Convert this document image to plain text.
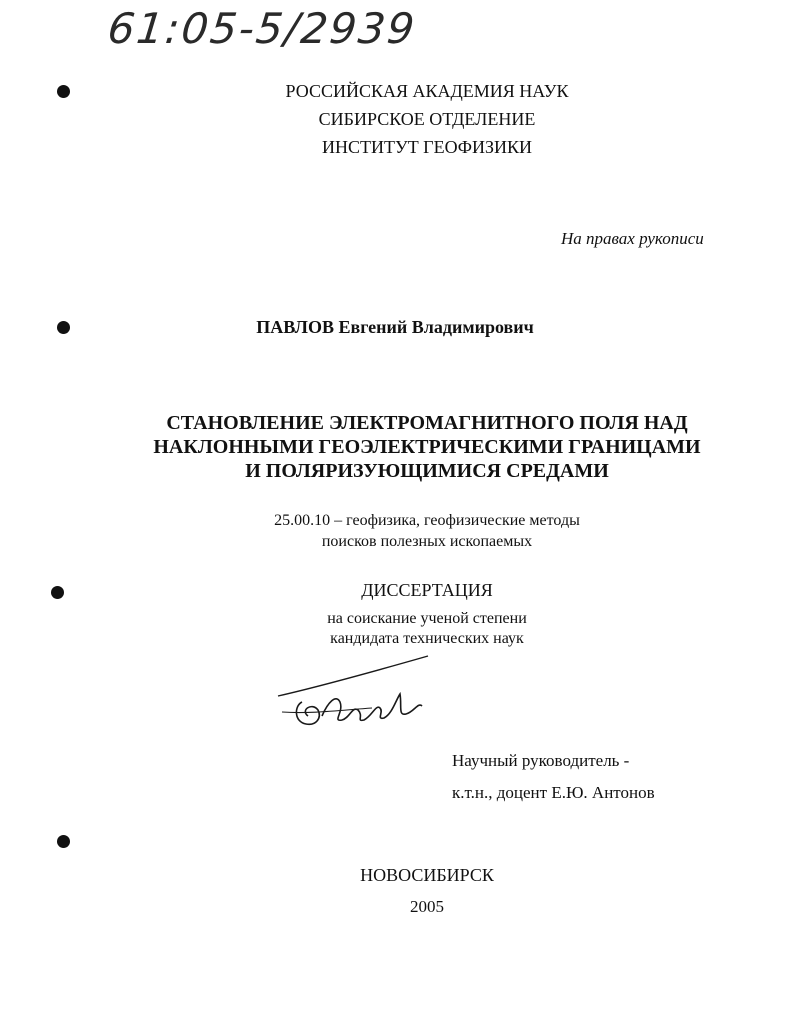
61:05-5/2939
РОССИЙСКАЯ АКАДЕМИЯ НАУК
СИБИРСКОЕ ОТДЕЛЕНИЕ
ИНСТИТУТ ГЕОФИЗИКИ
На правах рукописи
ПАВЛОВ Евгений Владимирович
СТАНОВЛЕНИЕ ЭЛЕКТРОМАГНИТНОГО ПОЛЯ НАД
НАКЛОННЫМИ ГЕОЭЛЕКТРИЧЕСКИМИ ГРАНИЦАМИ
И ПОЛЯРИЗУЮЩИМИСЯ СРЕДАМИ
25.00.10 – геофизика, геофизические методы
поисков полезных ископаемых
ДИССЕРТАЦИЯ
на соискание ученой степени
кандидата технических наук
Научный руководитель -
к.т.н., доцент Е.Ю. Антонов
НОВОСИБИРСК
2005
